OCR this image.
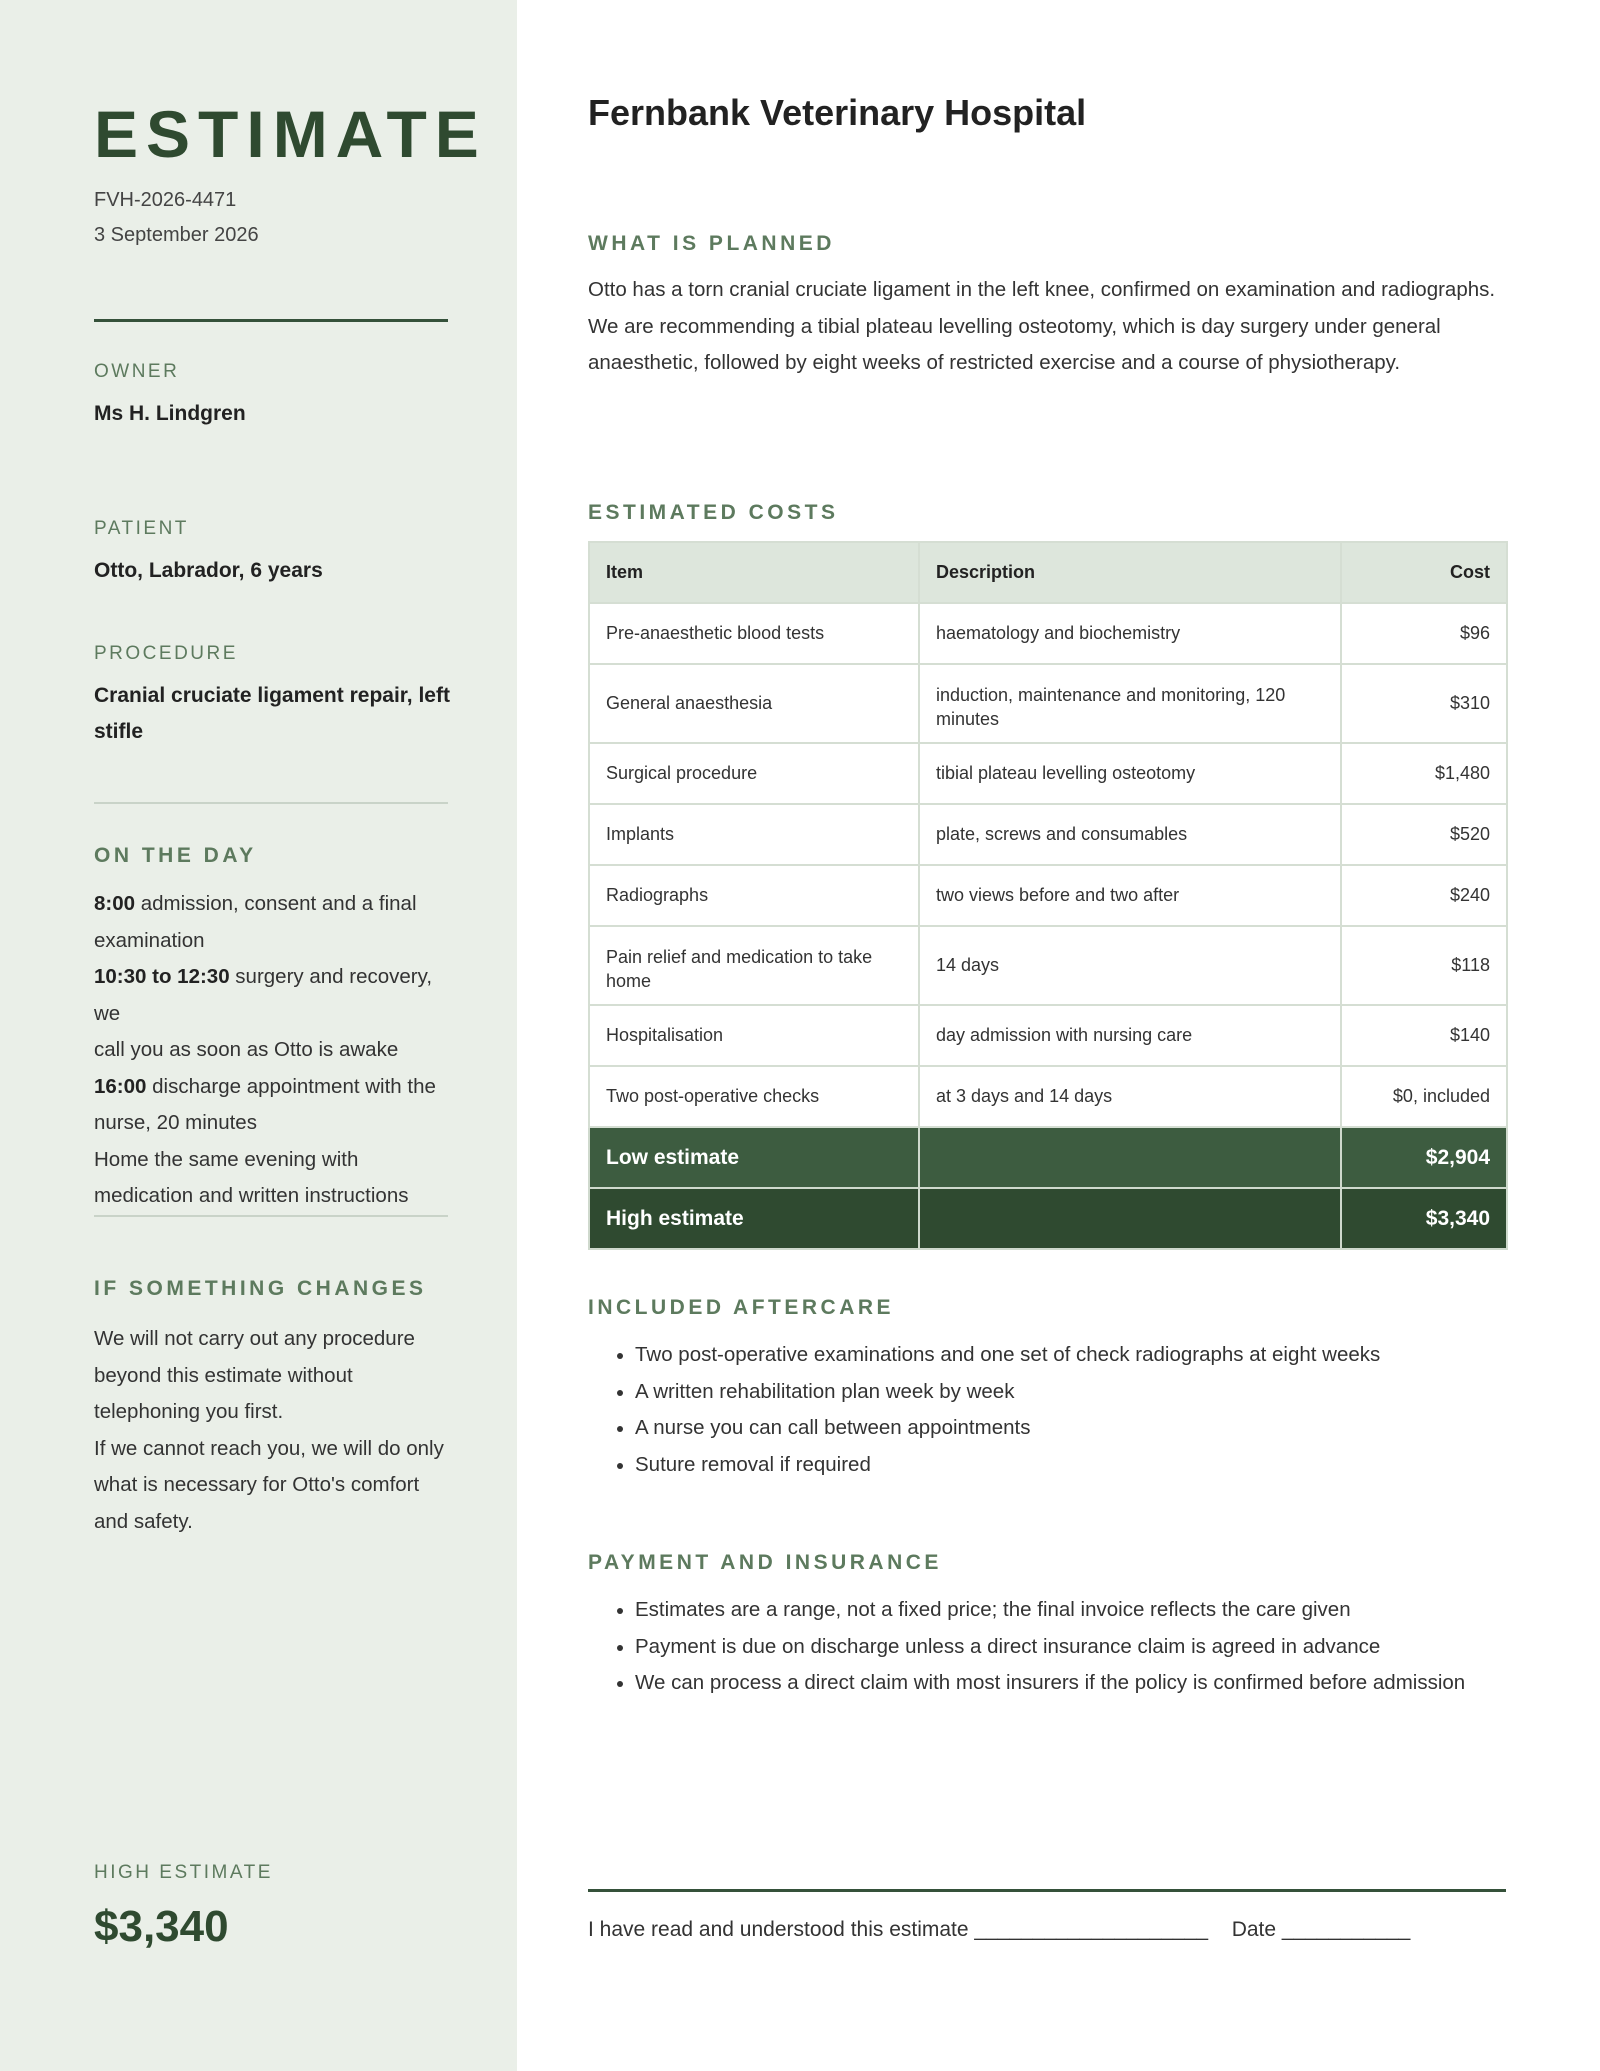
ESTIMATE
FVH-2026-4471
3 September 2026
OWNER
Ms H. Lindgren
PATIENT
Otto, Labrador, 6 years
PROCEDURE
Cranial cruciate ligament repair, left stifle
ON THE DAY
8:00 admission, consent and a final
examination
10:30 to 12:30 surgery and recovery, we
call you as soon as Otto is awake
16:00 discharge appointment with the
nurse, 20 minutes
Home the same evening with
medication and written instructions
IF SOMETHING CHANGES
We will not carry out any procedure
beyond this estimate without
telephoning you first.
If we cannot reach you, we will do only
what is necessary for Otto's comfort
and safety.
HIGH ESTIMATE
$3,340
Fernbank Veterinary Hospital
WHAT IS PLANNED
Otto has a torn cranial cruciate ligament in the left knee, confirmed on examination and radiographs.
We are recommending a tibial plateau levelling osteotomy, which is day surgery under general
anaesthetic, followed by eight weeks of restricted exercise and a course of physiotherapy.
ESTIMATED COSTS
Item	Description	Cost
Pre-anaesthetic blood tests	haematology and biochemistry	$96
General anaesthesia	induction, maintenance and monitoring, 120 minutes	$310
Surgical procedure	tibial plateau levelling osteotomy	$1,480
Implants	plate, screws and consumables	$520
Radiographs	two views before and two after	$240
Pain relief and medication to take home	14 days	$118
Hospitalisation	day admission with nursing care	$140
Two post-operative checks	at 3 days and 14 days	$0, included
Low estimate		$2,904
High estimate		$3,340
INCLUDED AFTERCARE
Two post-operative examinations and one set of check radiographs at eight weeks
A written rehabilitation plan week by week
A nurse you can call between appointments
Suture removal if required
PAYMENT AND INSURANCE
Estimates are a range, not a fixed price; the final invoice reflects the care given
Payment is due on discharge unless a direct insurance claim is agreed in advance
We can process a direct claim with most insurers if the policy is confirmed before admission
I have read and understood this estimate ____________________ Date ___________
